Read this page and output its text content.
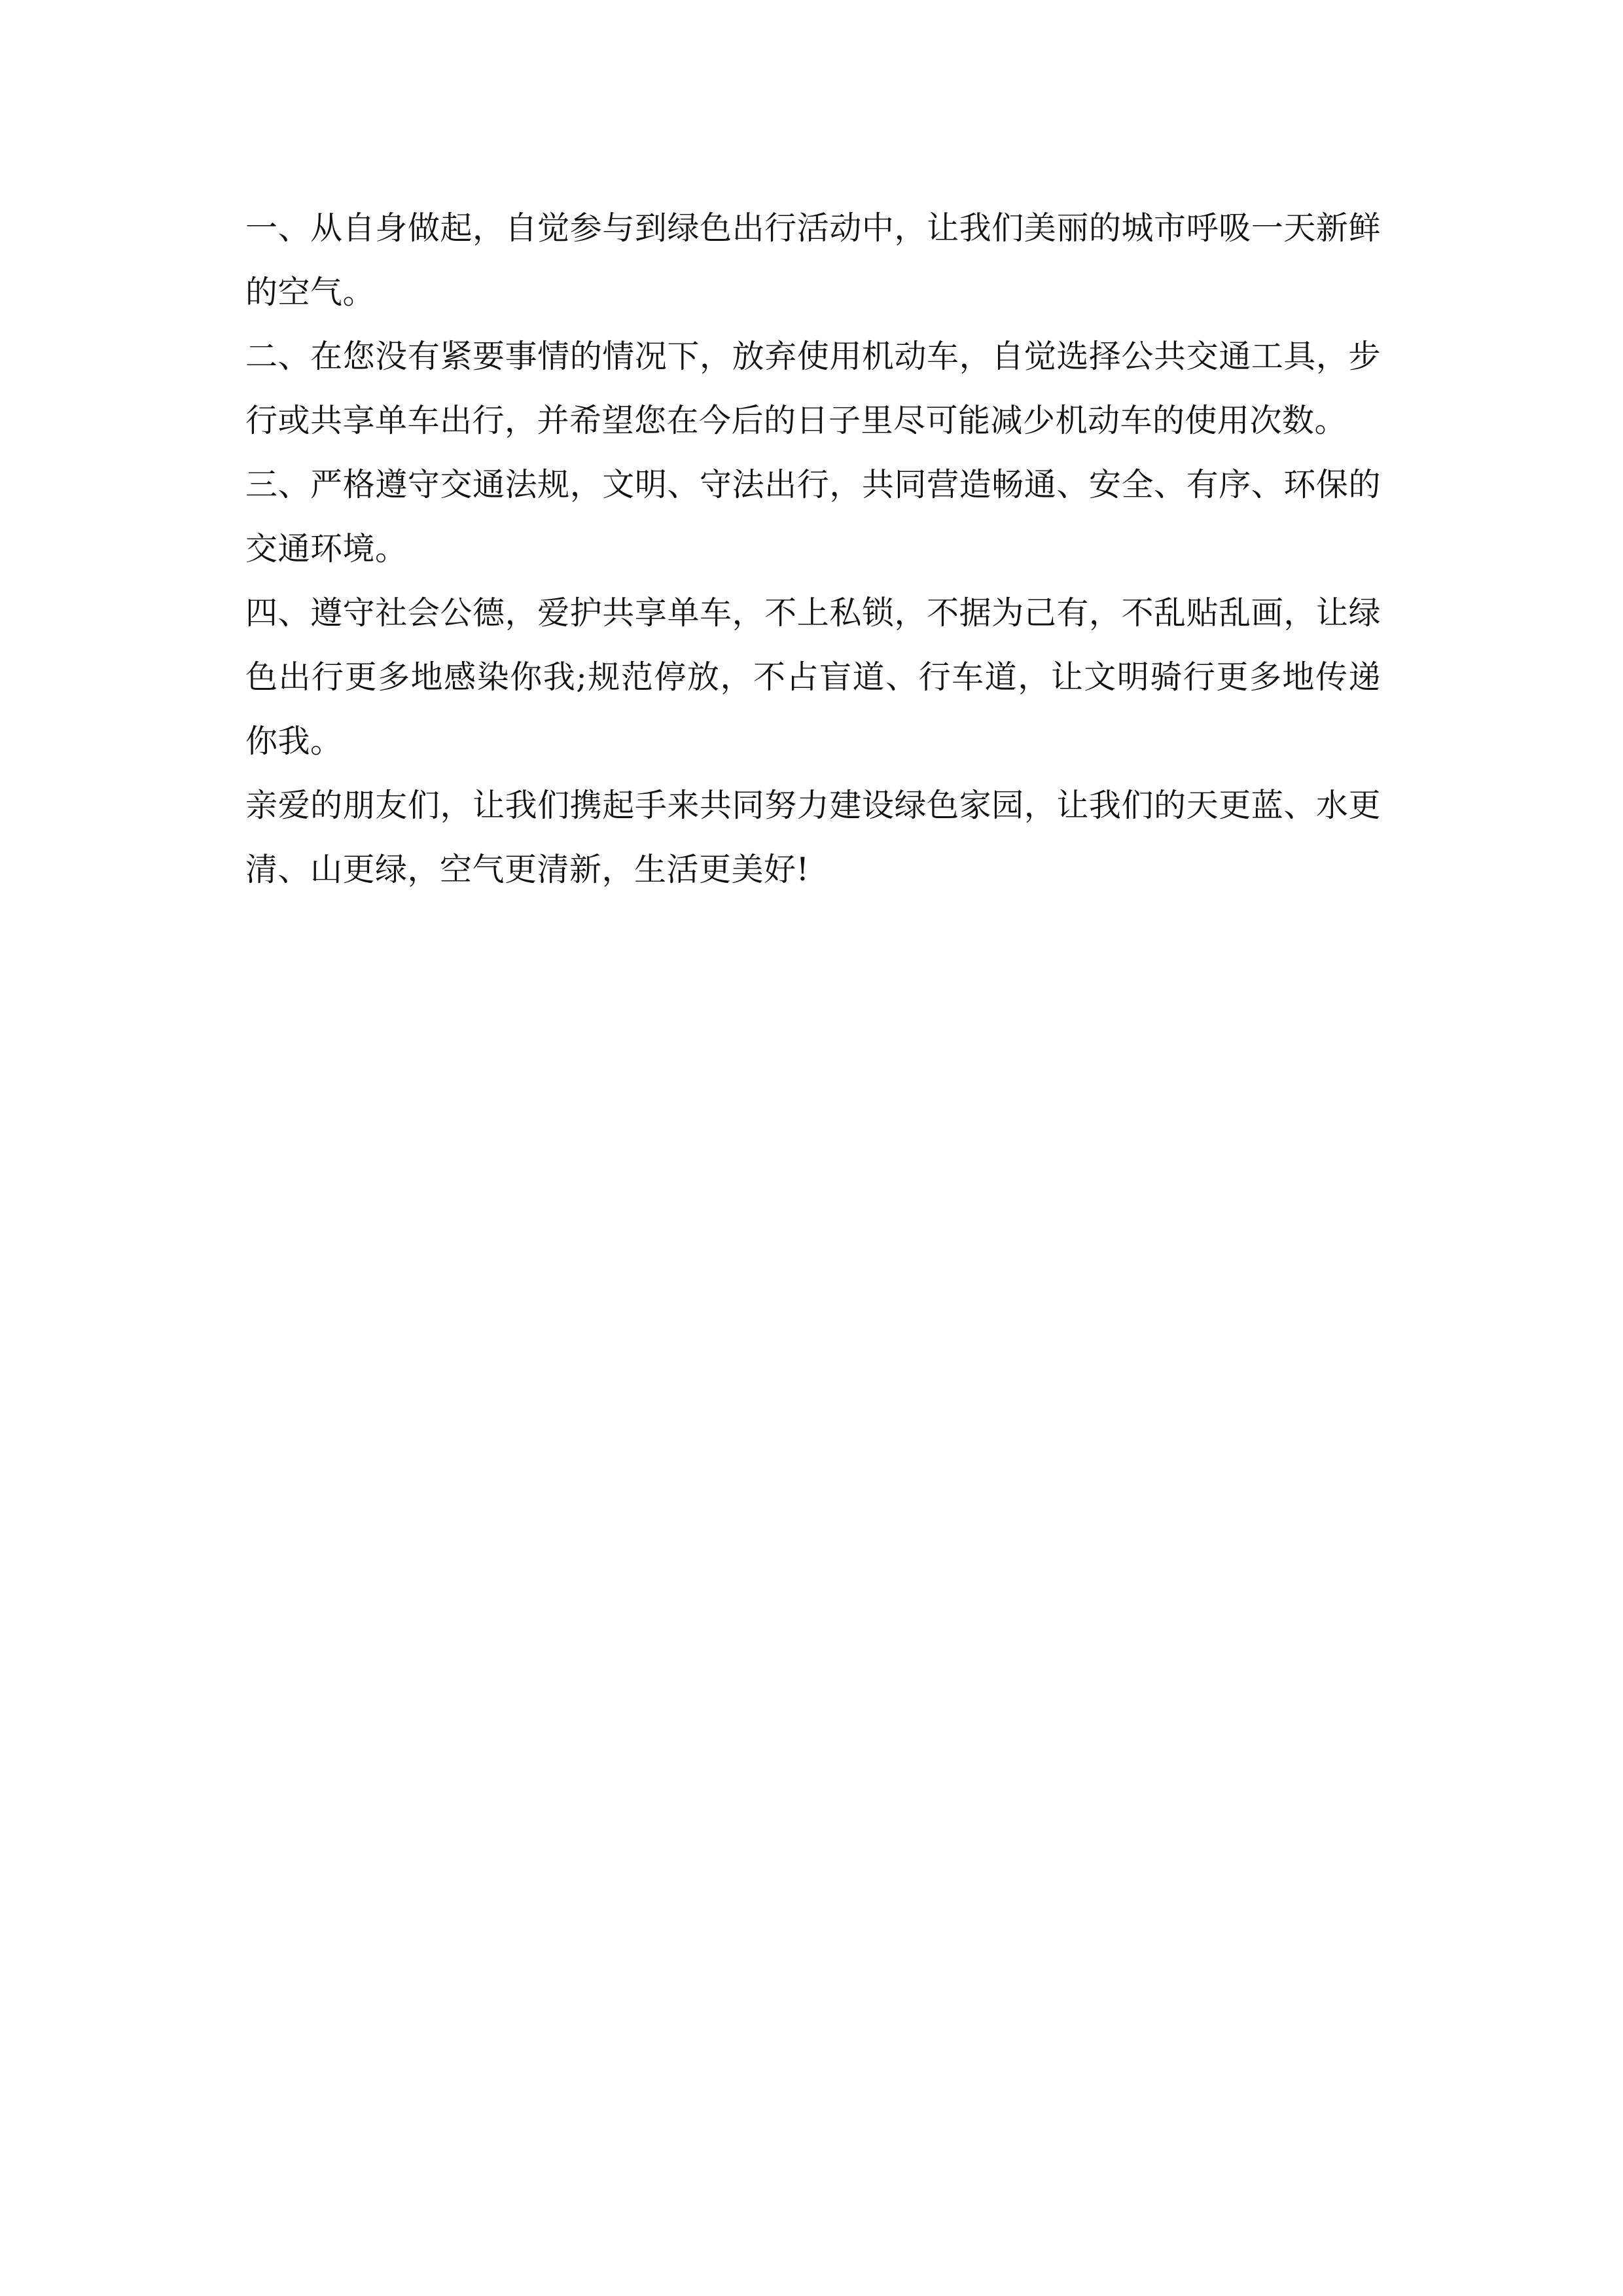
一、从自身做起，自觉参与到绿色出行活动中，让我们美丽的城市呼吸一天新鲜的空气。

二、在您没有紧要事情的情况下，放弃使用机动车，自觉选择公共交通工具，步行或共享单车出行，并希望您在今后的日子里尽可能减少机动车的使用次数。

三、严格遵守交通法规，文明、守法出行，共同营造畅通、安全、有序、环保的交通环境。

四、遵守社会公德，爱护共享单车，不上私锁，不据为己有，不乱贴乱画，让绿色出行更多地感染你我;规范停放，不占盲道、行车道，让文明骑行更多地传递你我。

亲爱的朋友们，让我们携起手来共同努力建设绿色家园，让我们的天更蓝、水更清、山更绿，空气更清新，生活更美好!
